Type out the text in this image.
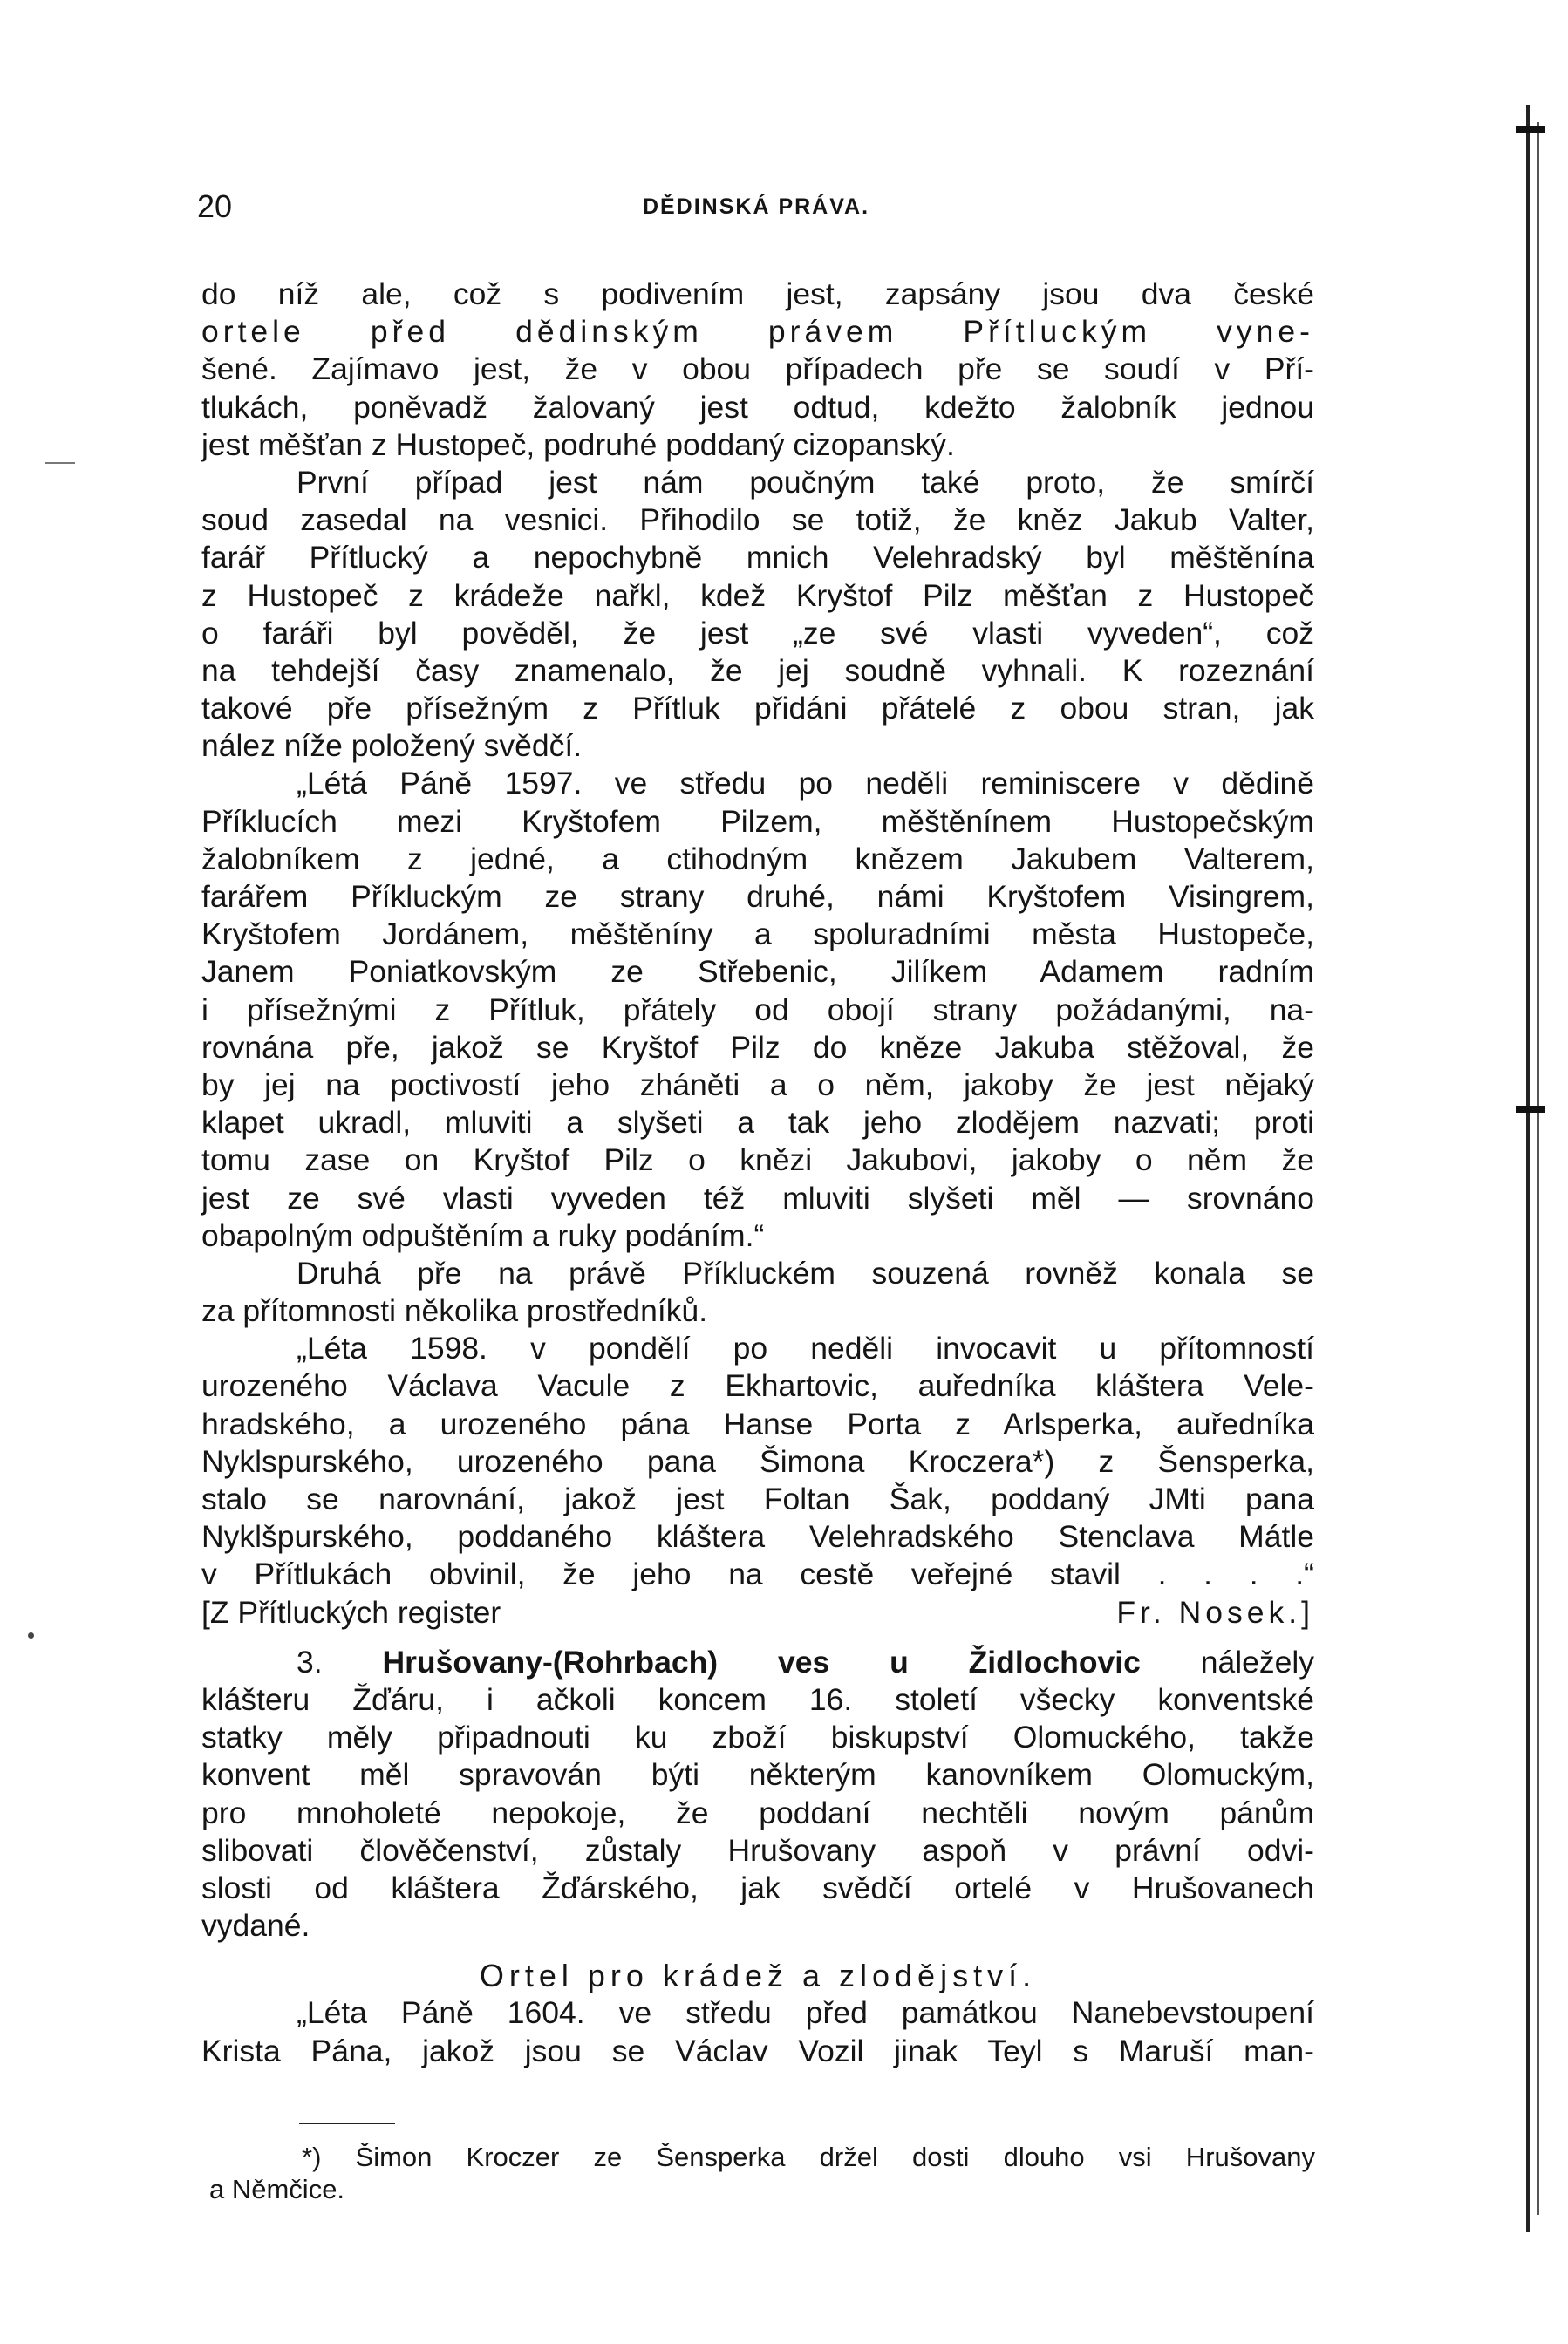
20	DĚDINSKÁ PRÁVA.
do níž ale, což s podivením jest, zapsány jsou dva české
ortele před dědinským právem Přítluckým vyne-
šené. Zajímavo jest, že v obou případech pře se soudí v Pří-
tlukách, poněvadž žalovaný jest odtud, kdežto žalobník jednou
jest měšťan z Hustopeč, podruhé poddaný cizopanský.
První případ jest nám poučným také proto, že smírčí
soud zasedal na vesnici. Přihodilo se totiž, že kněz Jakub Valter,
farář Přítlucký a nepochybně mnich Velehradský byl měštěnína
z Hustopeč z krádeže nařkl, kdež Kryštof Pilz měšťan z Hustopeč
o faráři byl pověděl, že jest „ze své vlasti vyveden“, což
na tehdejší časy znamenalo, že jej soudně vyhnali. K rozeznání
takové pře přísežným z Přítluk přidáni přátelé z obou stran, jak
nález níže položený svědčí.
„Létá Páně 1597. ve středu po neděli reminiscere v dědině
Příklucích mezi Kryštofem Pilzem, měštěnínem Hustopečským
žalobníkem z jedné, a ctihodným knězem Jakubem Valterem,
farářem Příkluckým ze strany druhé, námi Kryštofem Visingrem,
Kryštofem Jordánem, měštěníny a spoluradními města Hustopeče,
Janem Poniatkovským ze Střebenic, Jilíkem Adamem radním
i přísežnými z Přítluk, přátely od obojí strany požádanými, na-
rovnána pře, jakož se Kryštof Pilz do kněze Jakuba stěžoval, že
by jej na poctivostí jeho zháněti a o něm, jakoby že jest nějaký
klapet ukradl, mluviti a slyšeti a tak jeho zlodějem nazvati; proti
tomu zase on Kryštof Pilz o knězi Jakubovi, jakoby o něm že
jest ze své vlasti vyveden též mluviti slyšeti měl — srovnáno
obapolným odpuštěním a ruky podáním.“
Druhá pře na právě Příkluckém souzená rovněž konala se
za přítomnosti několika prostředníků.
„Léta 1598. v pondělí po neděli invocavit u přítomností
urozeného Václava Vacule z Ekhartovic, auředníka kláštera Vele-
hradského, a urozeného pána Hanse Porta z Arlsperka, auředníka
Nyklspurského, urozeného pana Šimona Kroczera*) z Šensperka,
stalo se narovnání, jakož jest Foltan Šak, poddaný JMti pana
Nyklšpurského, poddaného kláštera Velehradského Stenclava Mátle
v Přítlukách obvinil, že jeho na cestě veřejné stavil . . . .“
[Z Přítluckých register	Fr. Nosek.]
3. Hrušovany-(Rohrbach) ves u Židlochovic náležely
klášteru Žďáru, i ačkoli koncem 16. století všecky konventské
statky měly připadnouti ku zboží biskupství Olomuckého, takže
konvent měl spravován býti některým kanovníkem Olomuckým,
pro mnoholeté nepokoje, že poddaní nechtěli novým pánům
slibovati člověčenství, zůstaly Hrušovany aspoň v právní odvi-
slosti od kláštera Žďárského, jak svědčí ortelé v Hrušovanech
vydané.
Ortel pro krádež a zlodějství.
„Léta Páně 1604. ve středu před památkou Nanebevstoupení
Krista Pána, jakož jsou se Václav Vozil jinak Teyl s Maruší man-
*) Šimon Kroczer ze Šensperka držel dosti dlouho vsi Hrušovany
a Němčice.
